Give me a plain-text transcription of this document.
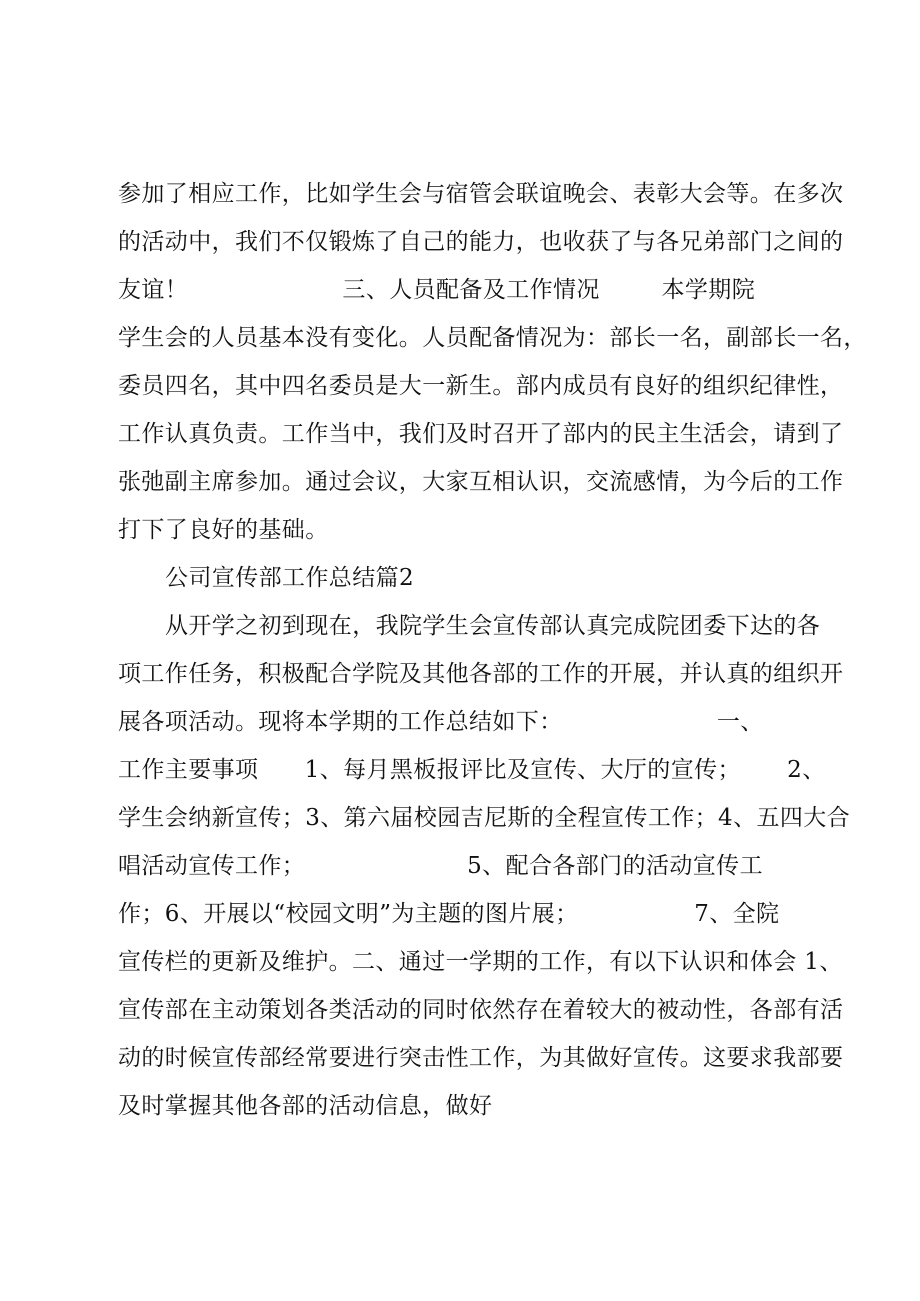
参加了相应工作，比如学生会与宿管会联谊晚会、表彰大会等。在多次
的活动中，我们不仅锻炼了自己的能力，也收获了与各兄弟部门之间的
友谊！                    三、人员配备及工作情况        本学期院
学生会的人员基本没有变化。人员配备情况为：部长一名，副部长一名，
委员四名，其中四名委员是大一新生。部内成员有良好的组织纪律性，
工作认真负责。工作当中，我们及时召开了部内的民主生活会，请到了
张弛副主席参加。通过会议，大家互相认识，交流感情，为今后的工作
打下了良好的基础。
公司宣传部工作总结篇2
从开学之初到现在，我院学生会宣传部认真完成院团委下达的各
项工作任务，积极配合学院及其他各部的工作的开展，并认真的组织开
展各项活动。现将本学期的工作总结如下：                    一、
工作主要事项      1、每月黑板报评比及宣传、大厅的宣传；      2、
学生会纳新宣传；3、第六届校园吉尼斯的全程宣传工作；4、五四大合
唱活动宣传工作；                     5、配合各部门的活动宣传工
作；6、开展以“校园文明”为主题的图片展；               7、全院
宣传栏的更新及维护。二、通过一学期的工作，有以下认识和体会 1、
宣传部在主动策划各类活动的同时依然存在着较大的被动性，各部有活
动的时候宣传部经常要进行突击性工作，为其做好宣传。这要求我部要
及时掌握其他各部的活动信息，做好
